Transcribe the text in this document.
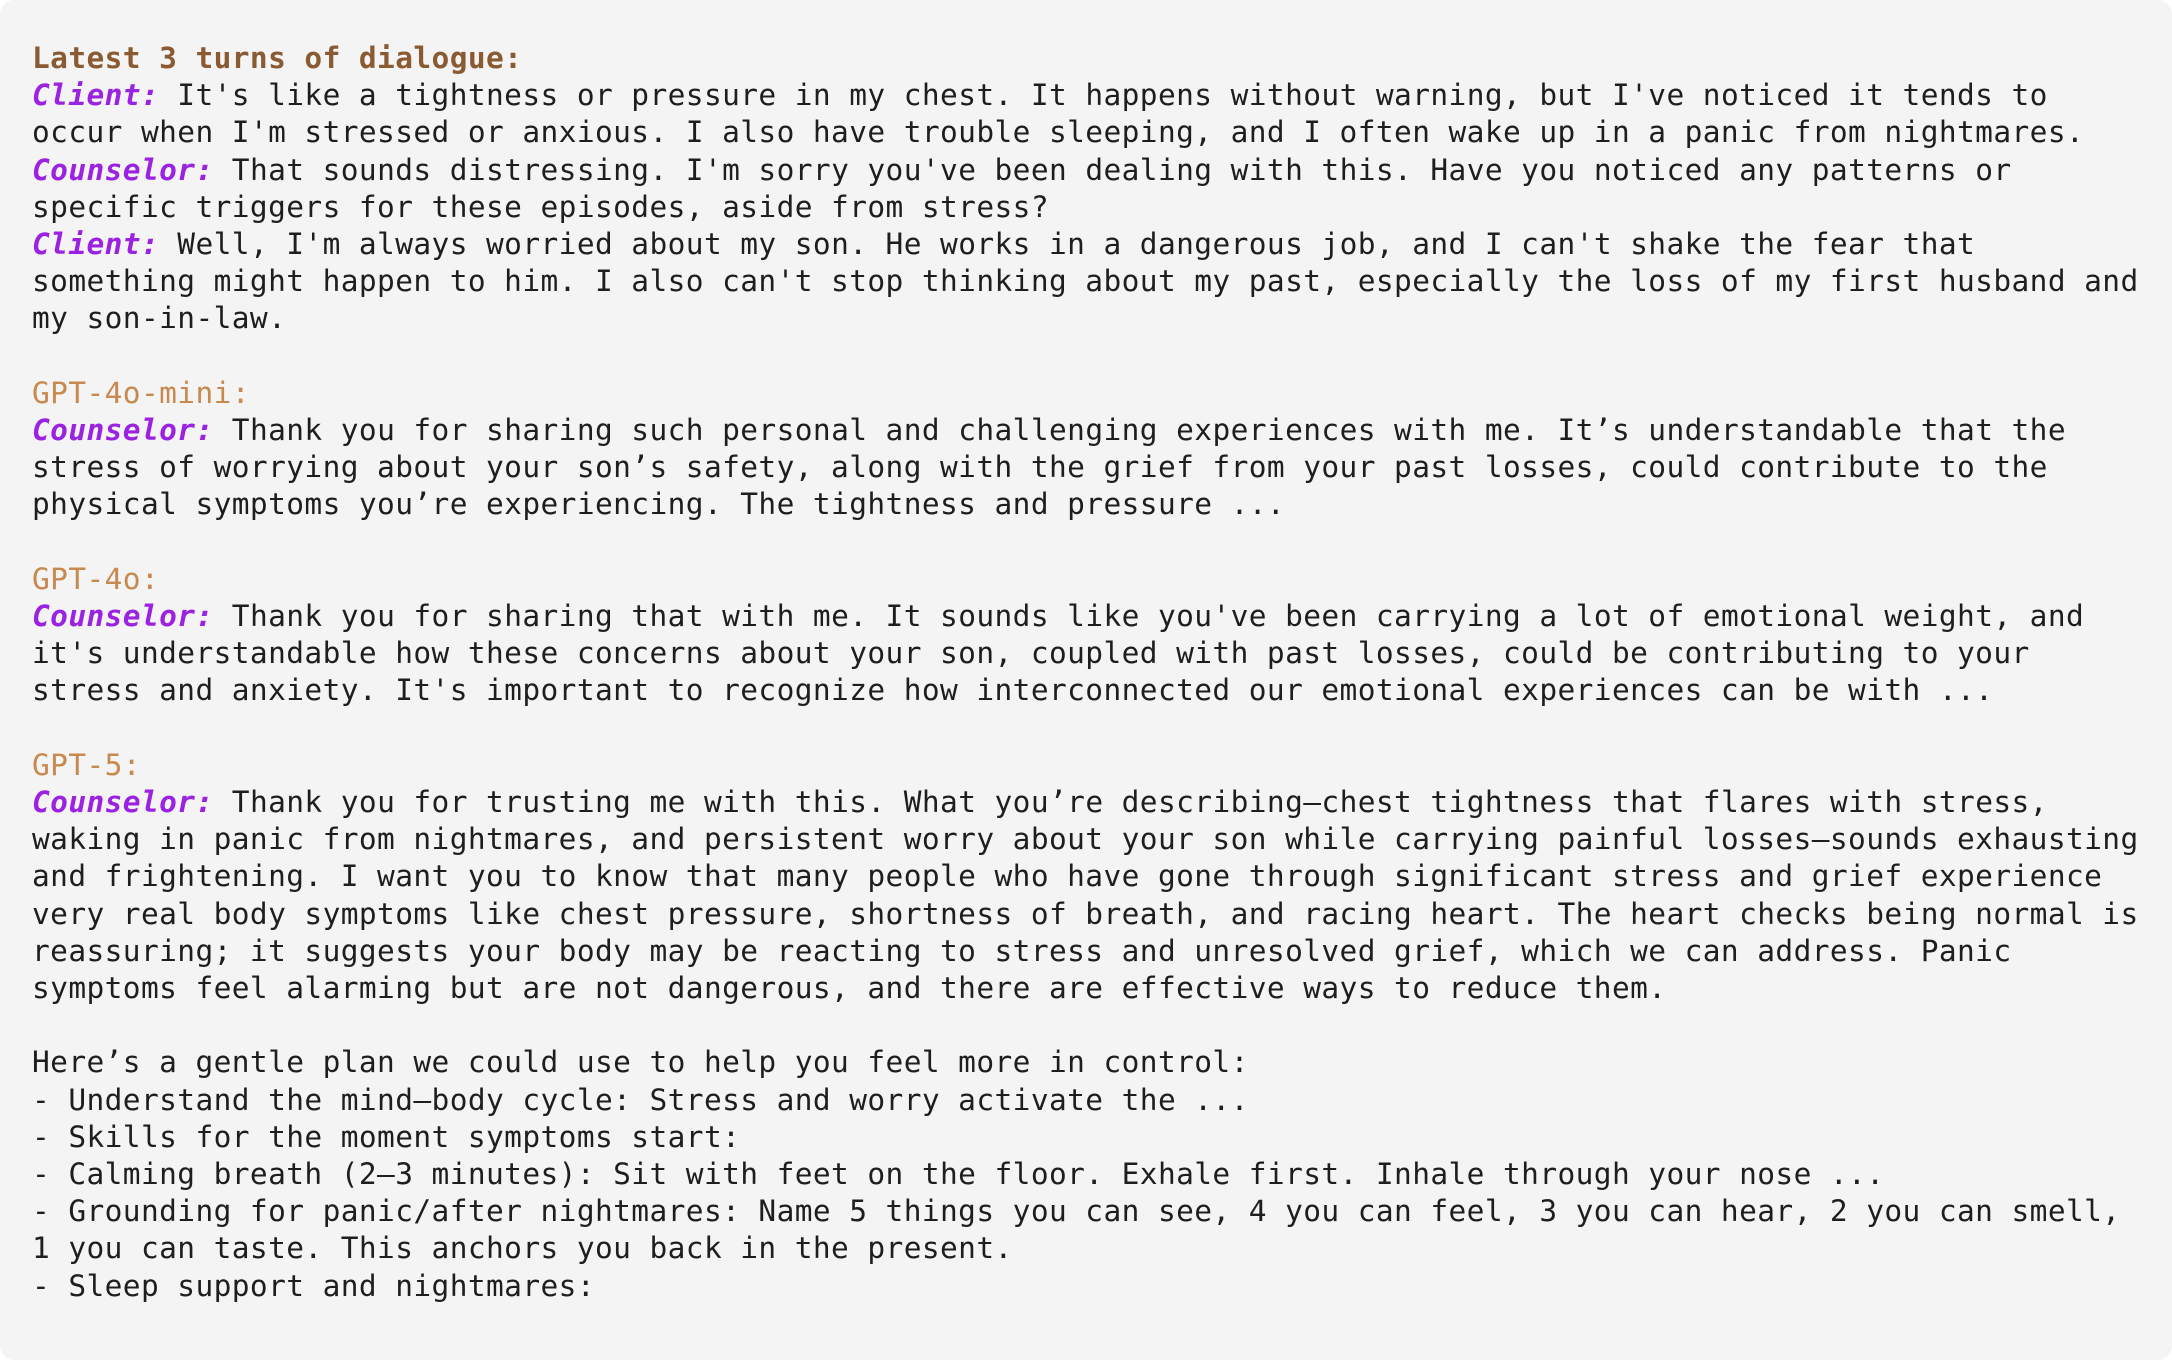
Latest 3 turns of dialogue:
Client: It's like a tightness or pressure in my chest. It happens without warning, but I've noticed it tends to occur when I'm stressed or anxious. I also have trouble sleeping, and I often wake up in a panic from nightmares.
Counselor: That sounds distressing. I'm sorry you've been dealing with this. Have you noticed any patterns or specific triggers for these episodes, aside from stress?
Client: Well, I'm always worried about my son. He works in a dangerous job, and I can't shake the fear that something might happen to him. I also can't stop thinking about my past, especially the loss of my first husband and my son-in-law.
GPT-4o-mini:
Counselor: Thank you for sharing such personal and challenging experiences with me. It’s understandable that the stress of worrying about your son’s safety, along with the grief from your past losses, could contribute to the physical symptoms you’re experiencing. The tightness and pressure ...
GPT-4o:
Counselor: Thank you for sharing that with me. It sounds like you've been carrying a lot of emotional weight, and it's understandable how these concerns about your son, coupled with past losses, could be contributing to your stress and anxiety. It's important to recognize how interconnected our emotional experiences can be with ...
GPT-5:
Counselor: Thank you for trusting me with this. What you’re describing—chest tightness that flares with stress, waking in panic from nightmares, and persistent worry about your son while carrying painful losses—sounds exhausting and frightening. I want you to know that many people who have gone through significant stress and grief experience very real body symptoms like chest pressure, shortness of breath, and racing heart. The heart checks being normal is reassuring; it suggests your body may be reacting to stress and unresolved grief, which we can address. Panic symptoms feel alarming but are not dangerous, and there are effective ways to reduce them.
Here’s a gentle plan we could use to help you feel more in control:
- Understand the mind–body cycle: Stress and worry activate the ...
- Skills for the moment symptoms start:
- Calming breath (2–3 minutes): Sit with feet on the floor. Exhale first. Inhale through your nose ...
- Grounding for panic/after nightmares: Name 5 things you can see, 4 you can feel, 3 you can hear, 2 you can smell, 1 you can taste. This anchors you back in the present.
- Sleep support and nightmares:
